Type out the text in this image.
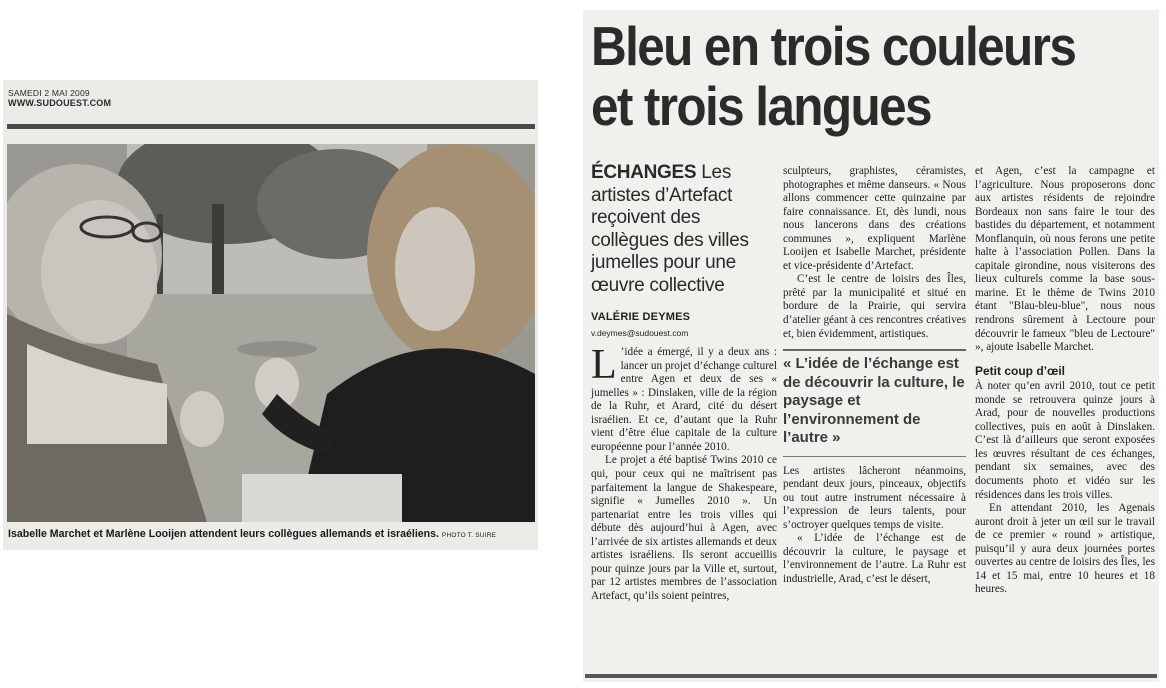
SAMEDI 2 MAI 2009
WWW.SUDOUEST.COM
Isabelle Marchet et Marlène Looijen attendent leurs collègues allemands et israéliens. PHOTO T. SUIRE
Bleu en trois couleurs
et trois langues
ÉCHANGES Les artistes d’Artefact reçoivent des collègues des villes jumelles pour une œuvre collective
VALÉRIE DEYMES
v.deymes@sudouest.com

L ’idée a émergé, il y a deux ans : lancer un projet d’échange culturel entre Agen et deux de ses « jumelles » : Dinslaken, ville de la région de la Ruhr, et Arard, cité du désert israélien. Et ce, d’autant que la Ruhr vient d’être élue capitale de la culture européenne pour l’année 2010.

Le projet a été baptisé Twins 2010 ce qui, pour ceux qui ne maîtrisent pas parfaitement la langue de Shakespeare, signifie « Jumelles 2010 ». Un partenariat entre les trois villes qui débute dès aujourd’hui à Agen, avec l’arrivée de six artistes allemands et deux artistes israéliens. Ils seront accueillis pour quinze jours par la Ville et, surtout, par 12 artistes membres de l’association Artefact, qu’ils soient peintres,

sculpteurs, graphistes, céramistes, photographes et même danseurs. « Nous allons commencer cette quinzaine par faire connaissance. Et, dès lundi, nous nous lancerons dans des créations communes », expliquent Marlène Looijen et Isabelle Marchet, présidente et vice-présidente d’Artefact.

C’est le centre de loisirs des Îles, prêté par la municipalité et situé en bordure de la Prairie, qui servira d’atelier géant à ces rencontres créatives et, bien évidemment, artistiques.

« L’idée de l’échange est de découvrir la culture, le paysage et l’environnement de l’autre »

Les artistes lâcheront néanmoins, pendant deux jours, pinceaux, objectifs ou tout autre instrument nécessaire à l’expression de leurs talents, pour s’octroyer quelques temps de visite.

« L’idée de l’échange est de découvrir la culture, le paysage et l’environnement de l’autre. La Ruhr est industrielle, Arad, c’est le désert,

et Agen, c’est la campagne et l’agriculture. Nous proposerons donc aux artistes résidents de rejoindre Bordeaux non sans faire le tour des bastides du département, et notamment Monflanquin, où nous ferons une petite halte à l’association Pollen. Dans la capitale girondine, nous visiterons des lieux culturels comme la base sous-marine. Et le thème de Twins 2010 étant "Blau-bleu-blue", nous nous rendrons sûrement à Lectoure pour découvrir le fameux "bleu de Lectoure" », ajoute Isabelle Marchet.

Petit coup d’œil

À noter qu’en avril 2010, tout ce petit monde se retrouvera quinze jours à Arad, pour de nouvelles productions collectives, puis en août à Dinslaken. C’est là d’ailleurs que seront exposées les œuvres résultant de ces échanges, pendant six semaines, avec des documents photo et vidéo sur les résidences dans les trois villes.

En attendant 2010, les Agenais auront droit à jeter un œil sur le travail de ce premier « round » artistique, puisqu’il y aura deux journées portes ouvertes au centre de loisirs des Îles, les 14 et 15 mai, entre 10 heures et 18 heures.
